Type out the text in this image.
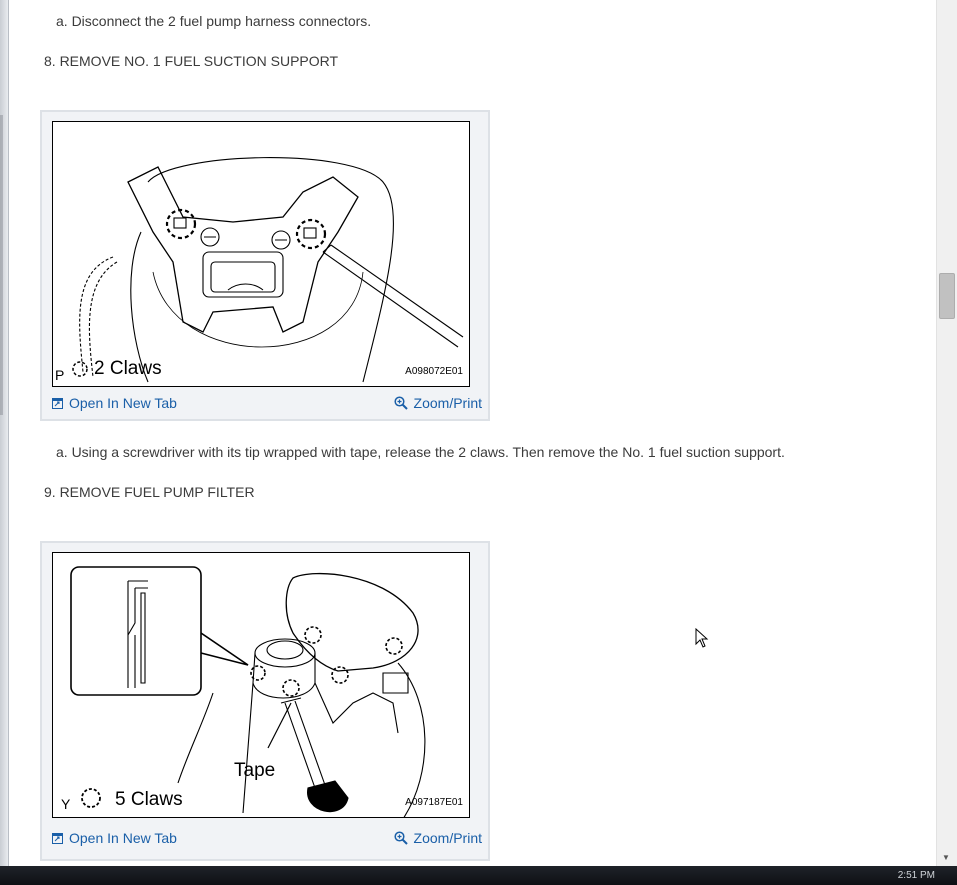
a. Disconnect the 2 fuel pump harness connectors.
8. REMOVE NO. 1 FUEL SUCTION SUPPORT
P 2 Claws	A098072E01
Open In New Tab	Zoom/Print
a. Using a screwdriver with its tip wrapped with tape, release the 2 claws. Then remove the No. 1 fuel suction support.
9. REMOVE FUEL PUMP FILTER
Tape
Y 5 Claws	A097187E01
Open In New Tab	Zoom/Print
▼
2:51 PM
